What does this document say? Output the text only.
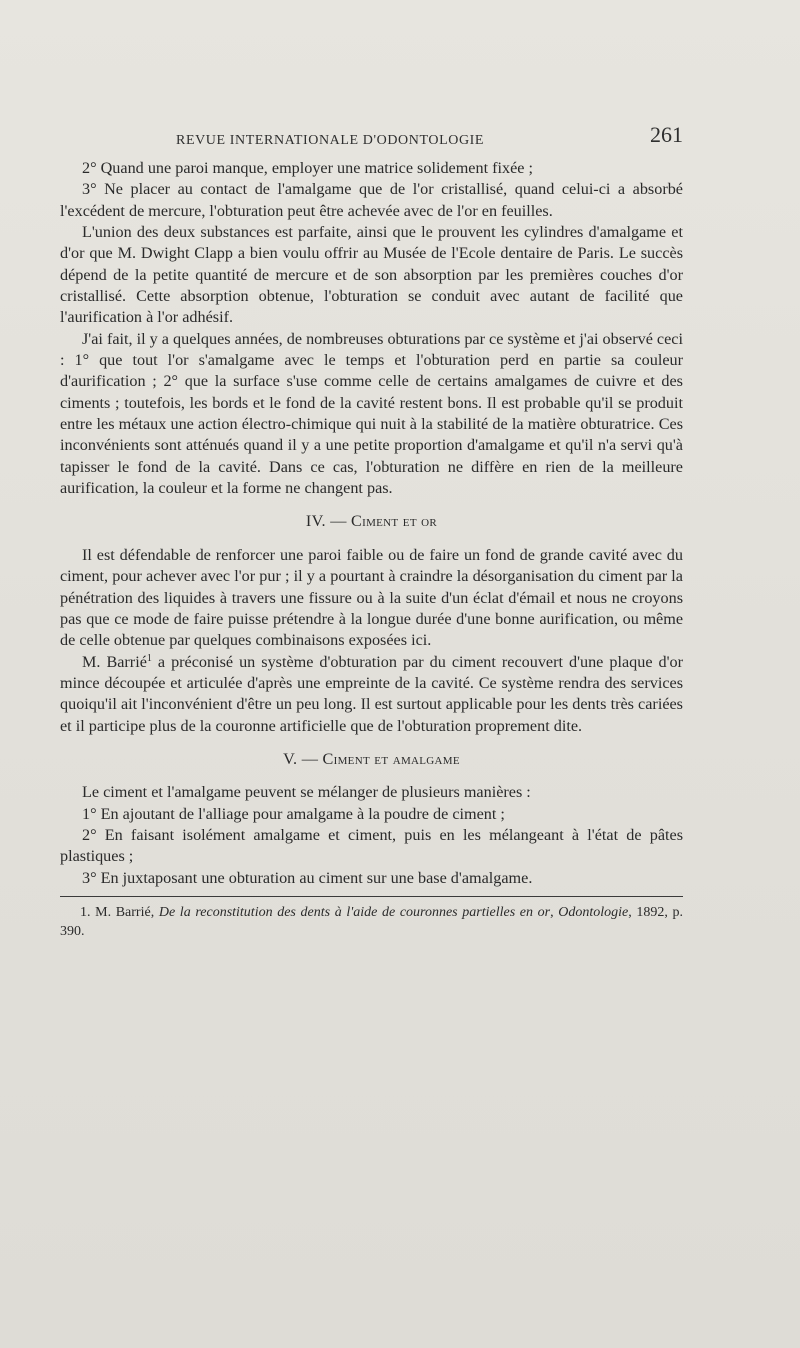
REVUE INTERNATIONALE D'ODONTOLOGIE	261

2° Quand une paroi manque, employer une matrice solidement fixée ;

3° Ne placer au contact de l'amalgame que de l'or cristallisé, quand celui-ci a absorbé l'excédent de mercure, l'obturation peut être achevée avec de l'or en feuilles.

L'union des deux substances est parfaite, ainsi que le prouvent les cylindres d'amalgame et d'or que M. Dwight Clapp a bien voulu offrir au Musée de l'Ecole dentaire de Paris. Le succès dépend de la petite quantité de mercure et de son absorption par les premières couches d'or cristallisé. Cette absorption obtenue, l'obturation se conduit avec autant de facilité que l'aurification à l'or adhésif.

J'ai fait, il y a quelques années, de nombreuses obturations par ce système et j'ai observé ceci : 1° que tout l'or s'amalgame avec le temps et l'obturation perd en partie sa couleur d'aurification ; 2° que la surface s'use comme celle de certains amalgames de cuivre et des ciments ; toutefois, les bords et le fond de la cavité restent bons. Il est probable qu'il se produit entre les métaux une action électro-chimique qui nuit à la stabilité de la matière obturatrice. Ces inconvénients sont atténués quand il y a une petite proportion d'amalgame et qu'il n'a servi qu'à tapisser le fond de la cavité. Dans ce cas, l'obturation ne diffère en rien de la meilleure aurification, la couleur et la forme ne changent pas.

IV. — Ciment et or

Il est défendable de renforcer une paroi faible ou de faire un fond de grande cavité avec du ciment, pour achever avec l'or pur ; il y a pourtant à craindre la désorganisation du ciment par la pénétration des liquides à travers une fissure ou à la suite d'un éclat d'émail et nous ne croyons pas que ce mode de faire puisse prétendre à la longue durée d'une bonne aurification, ou même de celle obtenue par quelques combinaisons exposées ici.

M. Barrié$^1$ a préconisé un système d'obturation par du ciment recouvert d'une plaque d'or mince découpée et articulée d'après une empreinte de la cavité. Ce système rendra des services quoiqu'il ait l'inconvénient d'être un peu long. Il est surtout applicable pour les dents très cariées et il participe plus de la couronne artificielle que de l'obturation proprement dite.

V. — Ciment et amalgame

Le ciment et l'amalgame peuvent se mélanger de plusieurs manières :

1° En ajoutant de l'alliage pour amalgame à la poudre de ciment ;

2° En faisant isolément amalgame et ciment, puis en les mélangeant à l'état de pâtes plastiques ;

3° En juxtaposant une obturation au ciment sur une base d'amalgame.

1. M. Barrié, De la reconstitution des dents à l'aide de couronnes partielles en or, Odontologie, 1892, p. 390.
